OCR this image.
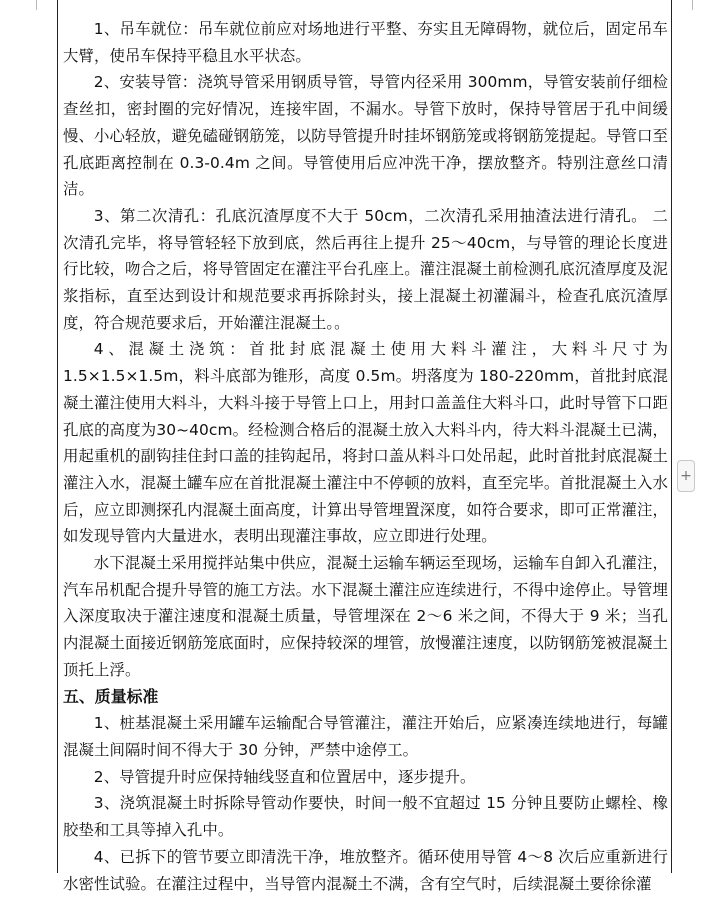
1、吊车就位：吊车就位前应对场地进行平整、夯实且无障碍物，就位后，固定吊车大臂，使吊车保持平稳且水平状态。

2、安装导管：浇筑导管采用钢质导管，导管内径采用 300mm，导管安装前仔细检查丝扣，密封圈的完好情况，连接牢固，不漏水。导管下放时，保持导管居于孔中间缓慢、小心轻放，避免磕碰钢筋笼，以防导管提升时挂坏钢筋笼或将钢筋笼提起。导管口至孔底距离控制在 0.3-0.4m 之间。导管使用后应冲洗干净，摆放整齐。特别注意丝口清洁。

3、第二次清孔：孔底沉渣厚度不大于 50cm，二次清孔采用抽渣法进行清孔。 二次清孔完毕，将导管轻轻下放到底，然后再往上提升 25～40cm，与导管的理论长度进行比较，吻合之后，将导管固定在灌注平台孔座上。灌注混凝土前检测孔底沉渣厚度及泥浆指标，直至达到设计和规范要求再拆除封头，接上混凝土初灌漏斗，检查孔底沉渣厚度，符合规范要求后，开始灌注混凝土。。

4、混凝土浇筑：首批封底混凝土使用大料斗灌注，大料斗尺寸为 1.5×1.5×1.5m，料斗底部为锥形，高度 0.5m。坍落度为 180-220mm，首批封底混凝土灌注使用大料斗，大料斗接于导管上口上，用封口盖盖住大料斗口，此时导管下口距孔底的高度为30~40cm。经检测合格后的混凝土放入大料斗内，待大料斗混凝土已满，用起重机的副钩挂住封口盖的挂钩起吊，将封口盖从料斗口处吊起，此时首批封底混凝土灌注入水，混凝土罐车应在首批混凝土灌注中不停顿的放料，直至完毕。首批混凝土入水后，应立即测探孔内混凝土面高度，计算出导管埋置深度，如符合要求，即可正常灌注，如发现导管内大量进水，表明出现灌注事故，应立即进行处理。

水下混凝土采用搅拌站集中供应，混凝土运输车辆运至现场，运输车自卸入孔灌注，汽车吊机配合提升导管的施工方法。水下混凝土灌注应连续进行，不得中途停止。导管埋入深度取决于灌注速度和混凝土质量，导管埋深在 2～6 米之间，不得大于 9 米；当孔内混凝土面接近钢筋笼底面时，应保持较深的埋管，放慢灌注速度，以防钢筋笼被混凝土顶托上浮。

五、质量标准

1、桩基混凝土采用罐车运输配合导管灌注，灌注开始后，应紧凑连续地进行，每罐混凝土间隔时间不得大于 30 分钟，严禁中途停工。

2、导管提升时应保持轴线竖直和位置居中，逐步提升。

3、浇筑混凝土时拆除导管动作要快，时间一般不宜超过 15 分钟且要防止螺栓、橡胶垫和工具等掉入孔中。

4、已拆下的管节要立即清洗干净，堆放整齐。循环使用导管 4～8 次后应重新进行水密性试验。在灌注过程中，当导管内混凝土不满，含有空气时，后续混凝土要徐徐灌

+
